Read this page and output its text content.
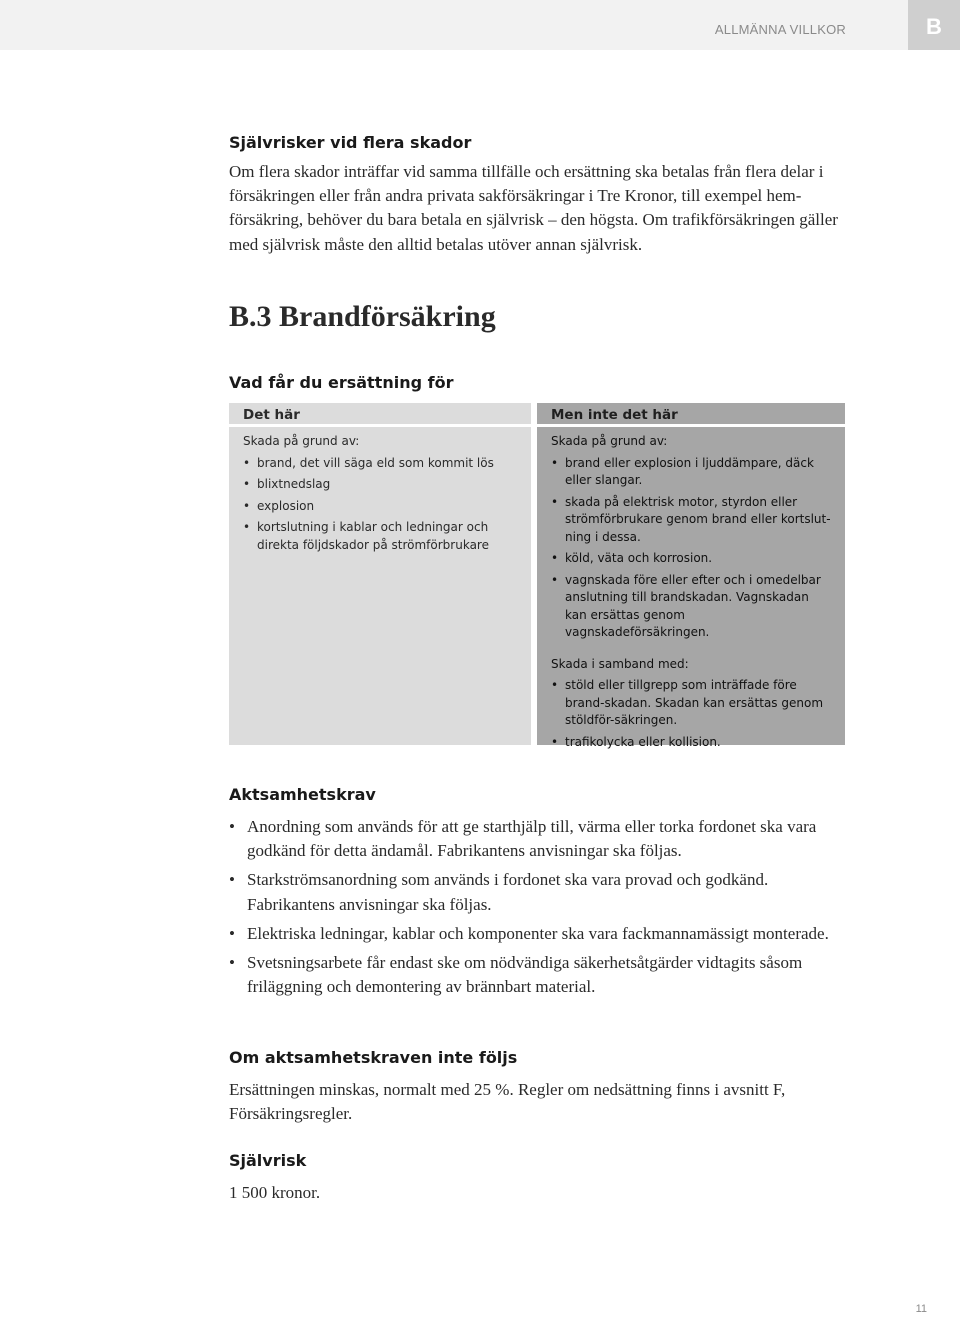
ALLMÄNNA VILLKOR	B
Självrisker vid flera skador

Om flera skador inträffar vid samma tillfälle och ersättning ska betalas från flera delar i försäkringen eller från andra privata sakförsäkringar i Tre Kronor, till exempel hem-försäkring, behöver du bara betala en självrisk – den högsta. Om trafikförsäkringen gäller med självrisk måste den alltid betalas utöver annan självrisk.

B.3 Brandförsäkring
Vad får du ersättning för
Det här
Skada på grund av:
• brand, det vill säga eld som kommit lös
• blixtnedslag
• explosion
• kortslutning i kablar och ledningar och direkta följdskador på strömförbrukare
Men inte det här
Skada på grund av:
• brand eller explosion i ljuddämpare, däck eller slangar.
• skada på elektrisk motor, styrdon eller strömförbrukare genom brand eller kortslut-ning i dessa.
• köld, väta och korrosion.
• vagnskada före eller efter och i omedelbar anslutning till brandskadan. Vagnskadan kan ersättas genom vagnskadeförsäkringen.
Skada i samband med:
• stöld eller tillgrepp som inträffade före brand-skadan. Skadan kan ersättas genom stöldför-säkringen.
• trafikolycka eller kollision.
Aktsamhetskrav
• Anordning som används för att ge starthjälp till, värma eller torka fordonet ska vara godkänd för detta ändamål. Fabrikantens anvisningar ska följas.
• Starkströmsanordning som används i fordonet ska vara provad och godkänd. Fabrikantens anvisningar ska följas.
• Elektriska ledningar, kablar och komponenter ska vara fackmannamässigt monterade.
• Svetsningsarbete får endast ske om nödvändiga säkerhetsåtgärder vidtagits såsom friläggning och demontering av brännbart material.
Om aktsamhetskraven inte följs

Ersättningen minskas, normalt med 25 %. Regler om nedsättning finns i avsnitt F, Försäkringsregler.

Självrisk

1 500 kronor.

11
